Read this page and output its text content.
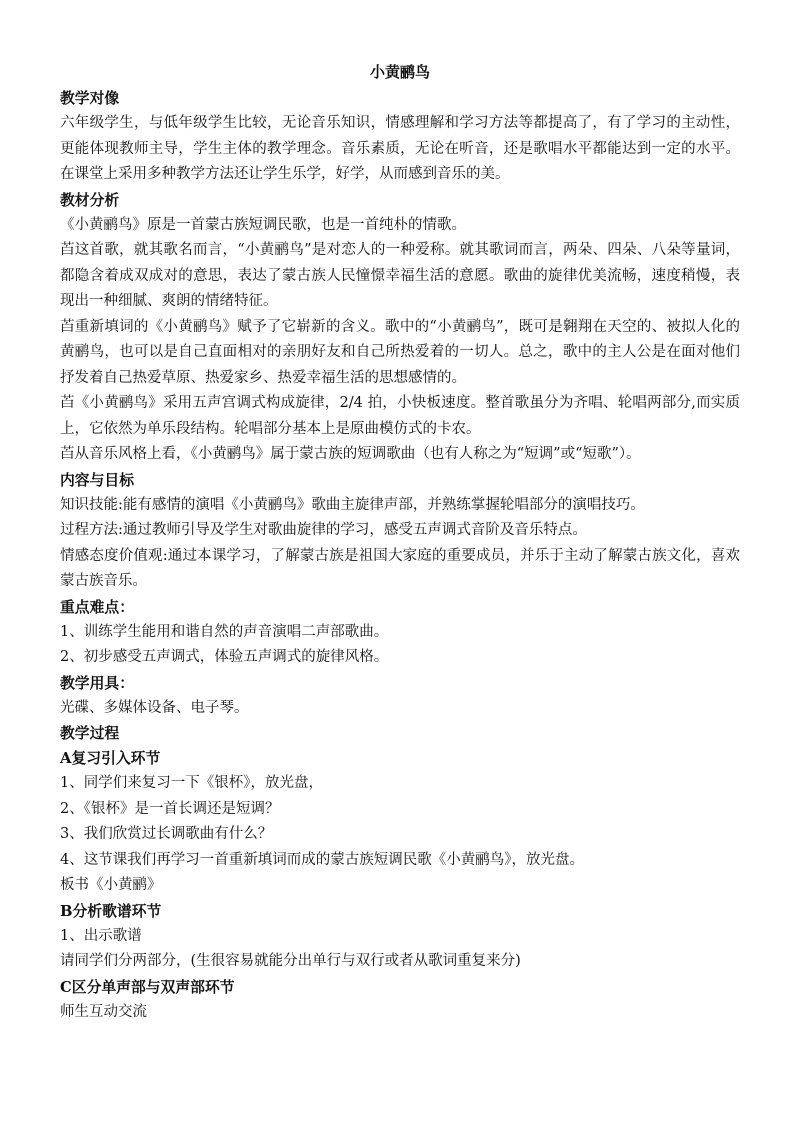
小黄鹂鸟

教学对像

六年级学生，与低年级学生比较，无论音乐知识，情感理解和学习方法等都提高了，有了学习的主动性，更能体现教师主导，学生主体的教学理念。音乐素质，无论在听音，还是歌唱水平都能达到一定的水平。在课堂上采用多种教学方法还让学生乐学，好学，从而感到音乐的美。

教材分析

《小黄鹂鸟》原是一首蒙古族短调民歌，也是一首纯朴的情歌。

苩这首歌，就其歌名而言，“小黄鹂鸟”是对恋人的一种爱称。就其歌词而言，两朵、四朵、八朵等量词，都隐含着成双成对的意思，表达了蒙古族人民憧憬幸福生活的意愿。歌曲的旋律优美流畅，速度稍慢，表现出一种细腻、爽朗的情绪特征。

苩重新填词的《小黄鹂鸟》赋予了它崭新的含义。歌中的“小黄鹂鸟”，既可是翱翔在天空的、被拟人化的黄鹂鸟，也可以是自己直面相对的亲朋好友和自己所热爱着的一切人。总之，歌中的主人公是在面对他们抒发着自己热爱草原、热爱家乡、热爱幸福生活的思想感情的。

苩《小黄鹂鸟》采用五声宫调式构成旋律，2/4 拍，小快板速度。整首歌虽分为齐唱、轮唱两部分,而实质上，它依然为单乐段结构。轮唱部分基本上是原曲模仿式的卡农。

苩从音乐风格上看，《小黄鹂鸟》属于蒙古族的短调歌曲（也有人称之为“短调”或“短歌”）。

内容与目标

知识技能:能有感情的演唱《小黄鹂鸟》歌曲主旋律声部，并熟练掌握轮唱部分的演唱技巧。

过程方法:通过教师引导及学生对歌曲旋律的学习，感受五声调式音阶及音乐特点。

情感态度价值观:通过本课学习，了解蒙古族是祖国大家庭的重要成员，并乐于主动了解蒙古族文化，喜欢蒙古族音乐。

重点难点：

1、训练学生能用和谐自然的声音演唱二声部歌曲。

2、初步感受五声调式，体验五声调式的旋律风格。

教学用具：

光碟、多媒体设备、电子琴。

教学过程

A复习引入环节

1、同学们来复习一下《银杯》，放光盘，

2、《银杯》是一首长调还是短调？

3、我们欣赏过长调歌曲有什么？

4、这节课我们再学习一首重新填词而成的蒙古族短调民歌《小黄鹂鸟》，放光盘。

板书《小黄鹂》

B分析歌谱环节

1、出示歌谱

请同学们分两部分，(生很容易就能分出单行与双行或者从歌词重复来分)

C区分单声部与双声部环节

师生互动交流
